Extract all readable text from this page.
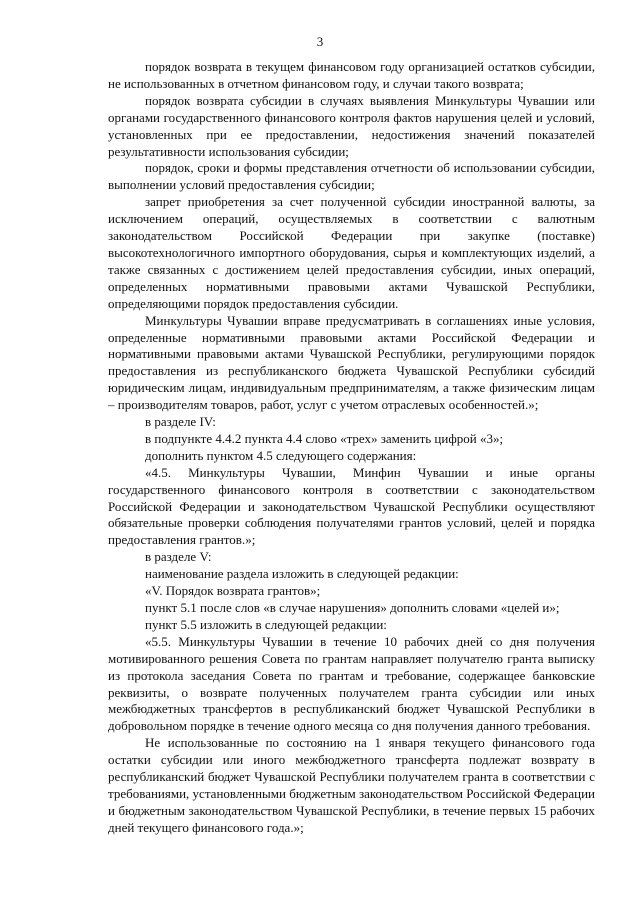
3

порядок возврата в текущем финансовом году организацией остатков субсидии, не использованных в отчетном финансовом году, и случаи такого возврата;

порядок возврата субсидии в случаях выявления Минкультуры Чувашии или органами государственного финансового контроля фактов нарушения целей и условий, установленных при ее предоставлении, недостижения значений показателей результативности использования субсидии;

порядок, сроки и формы представления отчетности об использовании субсидии, выполнении условий предоставления субсидии;

запрет приобретения за счет полученной субсидии иностранной валюты, за исключением операций, осуществляемых в соответствии с валютным законодательством Российской Федерации при закупке (поставке) высокотехнологичного импортного оборудования, сырья и комплектующих изделий, а также связанных с достижением целей предоставления субсидии, иных операций, определенных нормативными правовыми актами Чувашской Республики, определяющими порядок предоставления субсидии.

Минкультуры Чувашии вправе предусматривать в соглашениях иные условия, определенные нормативными правовыми актами Российской Федерации и нормативными правовыми актами Чувашской Республики, регулирующими порядок предоставления из республиканского бюджета Чувашской Республики субсидий юридическим лицам, индивидуальным предпринимателям, а также физическим лицам – производителям товаров, работ, услуг с учетом отраслевых особенностей.»;

в разделе IV:

в подпункте 4.4.2 пункта 4.4 слово «трех» заменить цифрой «3»;

дополнить пунктом 4.5 следующего содержания:

«4.5. Минкультуры Чувашии, Минфин Чувашии и иные органы государственного финансового контроля в соответствии с законодательством Российской Федерации и законодательством Чувашской Республики осуществляют обязательные проверки соблюдения получателями грантов условий, целей и порядка предоставления грантов.»;

в разделе V:

наименование раздела изложить в следующей редакции:

«V. Порядок возврата грантов»;

пункт 5.1 после слов «в случае нарушения» дополнить словами «целей и»;

пункт 5.5 изложить в следующей редакции:

«5.5. Минкультуры Чувашии в течение 10 рабочих дней со дня получения мотивированного решения Совета по грантам направляет получателю гранта выписку из протокола заседания Совета по грантам и требование, содержащее банковские реквизиты, о возврате полученных получателем гранта субсидии или иных межбюджетных трансфертов в республиканский бюджет Чувашской Республики в добровольном порядке в течение одного месяца со дня получения данного требования.

Не использованные по состоянию на 1 января текущего финансового года остатки субсидии или иного межбюджетного трансферта подлежат возврату в республиканский бюджет Чувашской Республики получателем гранта в соответствии с требованиями, установленными бюджетным законодательством Российской Федерации и бюджетным законодательством Чувашской Республики, в течение первых 15 рабочих дней текущего финансового года.»;
